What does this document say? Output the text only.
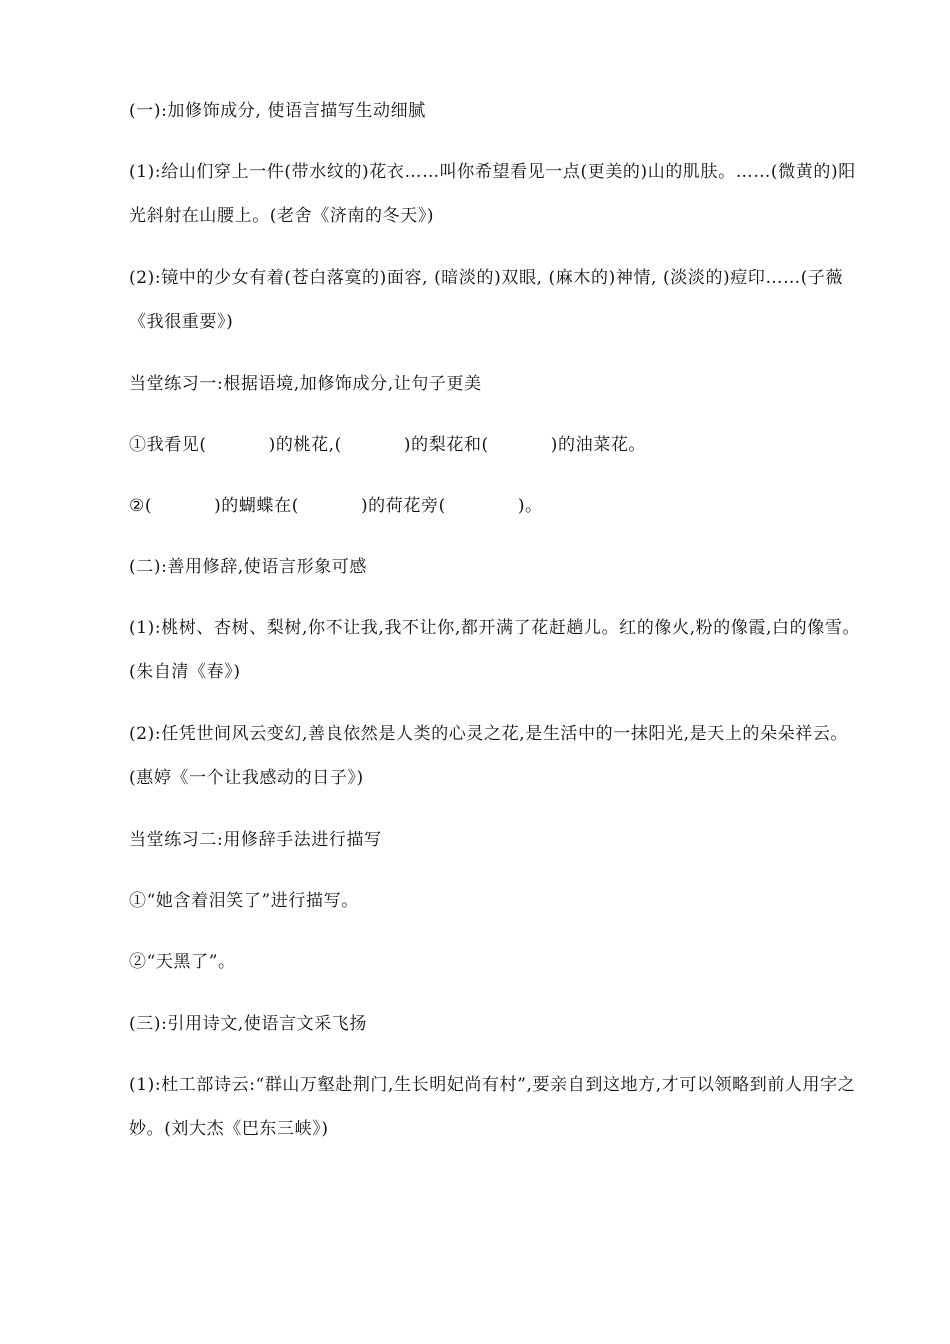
(一):加修饰成分, 使语言描写生动细腻
(1):给山们穿上一件(带水纹的)花衣……叫你希望看见一点(更美的)山的肌肤。……(微黄的)阳光斜射在山腰上。(老舍《济南的冬天》)
(2):镜中的少女有着(苍白落寞的)面容, (暗淡的)双眼, (麻木的)神情, (淡淡的)痘印……(子薇《我很重要》)
当堂练习一:根据语境,加修饰成分,让句子更美
①我看见(	)的桃花,(	)的梨花和(	)的油菜花。
②(	)的蝴蝶在(	)的荷花旁(	)。
(二):善用修辞,使语言形象可感
(1):桃树、杏树、梨树,你不让我,我不让你,都开满了花赶趟儿。红的像火,粉的像霞,白的像雪。(朱自清《春》)
(2):任凭世间风云变幻,善良依然是人类的心灵之花,是生活中的一抹阳光,是天上的朵朵祥云。(惠婷《一个让我感动的日子》)
当堂练习二:用修辞手法进行描写
①“她含着泪笑了”进行描写。
②“天黑了”。
(三):引用诗文,使语言文采飞扬
(1):杜工部诗云:“群山万壑赴荆门,生长明妃尚有村”,要亲自到这地方,才可以领略到前人用字之妙。(刘大杰《巴东三峡》)
